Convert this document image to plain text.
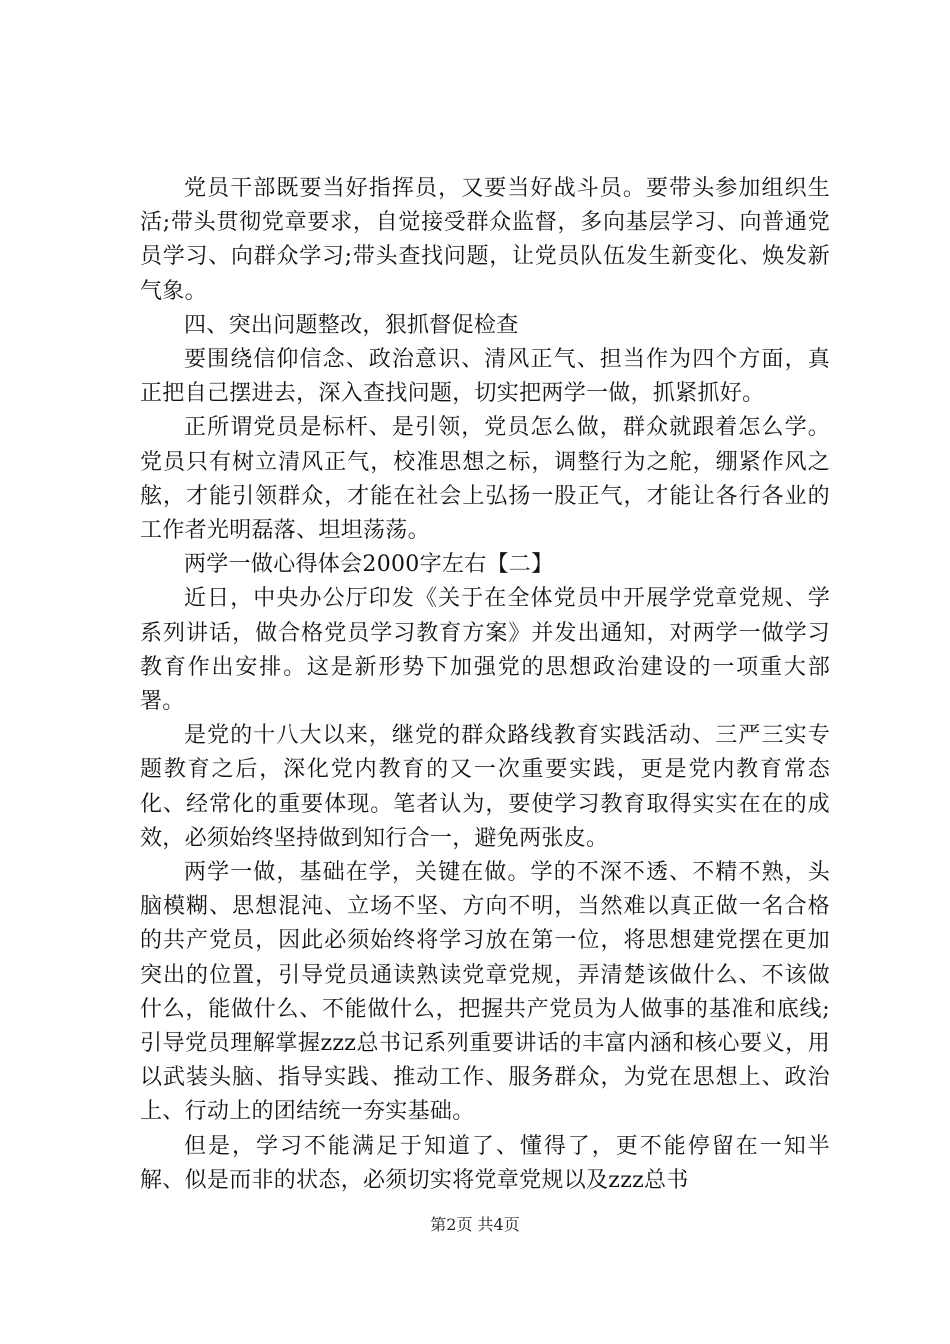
党员干部既要当好指挥员，又要当好战斗员。要带头参加组织生活;带头贯彻党章要求，自觉接受群众监督，多向基层学习、向普通党员学习、向群众学习;带头查找问题，让党员队伍发生新变化、焕发新气象。

四、突出问题整改，狠抓督促检查

要围绕信仰信念、政治意识、清风正气、担当作为四个方面，真正把自己摆进去，深入查找问题，切实把两学一做，抓紧抓好。

正所谓党员是标杆、是引领，党员怎么做，群众就跟着怎么学。党员只有树立清风正气，校准思想之标，调整行为之舵，绷紧作风之舷，才能引领群众，才能在社会上弘扬一股正气，才能让各行各业的工作者光明磊落、坦坦荡荡。

两学一做心得体会2000字左右【二】

近日，中央办公厅印发《关于在全体党员中开展学党章党规、学系列讲话，做合格党员学习教育方案》并发出通知，对两学一做学习教育作出安排。这是新形势下加强党的思想政治建设的一项重大部署。

是党的十八大以来，继党的群众路线教育实践活动、三严三实专题教育之后，深化党内教育的又一次重要实践，更是党内教育常态化、经常化的重要体现。笔者认为，要使学习教育取得实实在在的成效，必须始终坚持做到知行合一，避免两张皮。

两学一做，基础在学，关键在做。学的不深不透、不精不熟，头脑模糊、思想混沌、立场不坚、方向不明，当然难以真正做一名合格的共产党员，因此必须始终将学习放在第一位，将思想建党摆在更加突出的位置，引导党员通读熟读党章党规，弄清楚该做什么、不该做什么，能做什么、不能做什么，把握共产党员为人做事的基准和底线;引导党员理解掌握zzz总书记系列重要讲话的丰富内涵和核心要义，用以武装头脑、指导实践、推动工作、服务群众，为党在思想上、政治上、行动上的团结统一夯实基础。

但是，学习不能满足于知道了、懂得了，更不能停留在一知半解、似是而非的状态，必须切实将党章党规以及zzz总书

第2页 共4页
